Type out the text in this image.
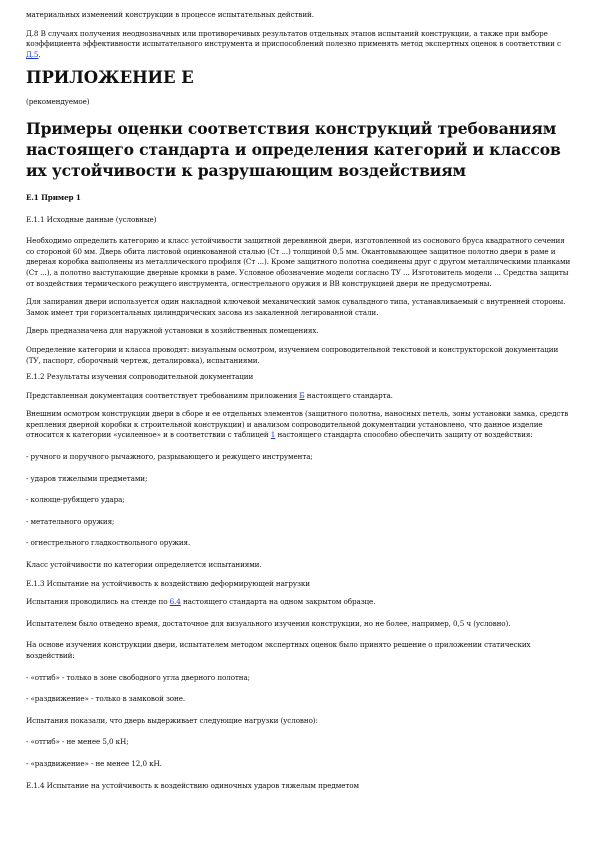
материальных изменений конструкции в процессе испытательных действий.

Д.8 В случаях получения неоднозначных или противоречивых результатов отдельных этапов испытаний конструкции, а также при выборе коэффициента эффективности испытательного инструмента и приспособлений полезно применять метод экспертных оценок в соответствии с Д.5.

ПРИЛОЖЕНИЕ Е

(рекомендуемое)

Примеры оценки соответствия конструкций требованиям настоящего стандарта и определения категорий и классов их устойчивости к разрушающим воздействиям

Е.1 Пример 1

Е.1.1 Исходные данные (условные)

Необходимо определить категорию и класс устойчивости защитной деревянной двери, изготовленной из соснового бруса квадратного сечения со стороной 60 мм. Дверь обита листовой оцинкованной сталью (Ст ...) толщиной 0,5 мм. Окантовывающее защитное полотно двери в раме и дверная коробка выполнены из металлического профиля (Ст ...). Кроме защитного полотна соединены друг с другом металлическими планками (Ст ...), а полотно выступающие дверные кромки в раме. Условное обозначение модели согласно ТУ ... Изготовитель модели ... Средства защиты от воздействия термического режущего инструмента, огнестрельного оружия и ВВ конструкцией двери не предусмотрены.

Для запирания двери используется один накладной ключевой механический замок сувальдного типа, устанавливаемый с внутренней стороны. Замок имеет три горизонтальных цилиндрических засова из закаленной легированной стали.

Дверь предназначена для наружной установки в хозяйственных помещениях.

Определение категории и класса проводят: визуальным осмотром, изучением сопроводительной текстовой и конструкторской документации (ТУ, паспорт, сборочный чертеж, деталировка), испытаниями.

Е.1.2 Результаты изучения сопроводительной документации

Представленная документация соответствует требованиям приложения Б настоящего стандарта.

Внешним осмотром конструкции двери в сборе и ее отдельных элементов (защитного полотна, наносных петель, зоны установки замка, средств крепления дверной коробки к строительной конструкции) и анализом сопроводительной документации установлено, что данное изделие относится к категории «усиленное» и в соответствии с таблицей 1 настоящего стандарта способно обеспечить защиту от воздействия:

- ручного и поручного рычажного, разрывающего и режущего инструмента;

- ударов тяжелыми предметами;

- колюще-рубящего удара;

- метательного оружия;

- огнестрельного гладкоствольного оружия.

Класс устойчивости по категории определяется испытаниями.

Е.1.3 Испытание на устойчивость к воздействию деформирующей нагрузки

Испытания проводились на стенде по 6.4 настоящего стандарта на одном закрытом образце.

Испытателем было отведено время, достаточное для визуального изучения конструкции, но не более, например, 0,5 ч (условно).

На основе изучения конструкции двери, испытателем методом экспертных оценок было принято решение о приложении статических воздействий:

- «отгиб» - только в зоне свободного угла дверного полотна;

- «раздвижение» - только в замковой зоне.

Испытания показали, что дверь выдерживает следующие нагрузки (условно):

- «отгиб» - не менее 5,0 кН;

- «раздвижение» - не менее 12,0 кН.

Е.1.4 Испытание на устойчивость к воздействию одиночных ударов тяжелым предметом
